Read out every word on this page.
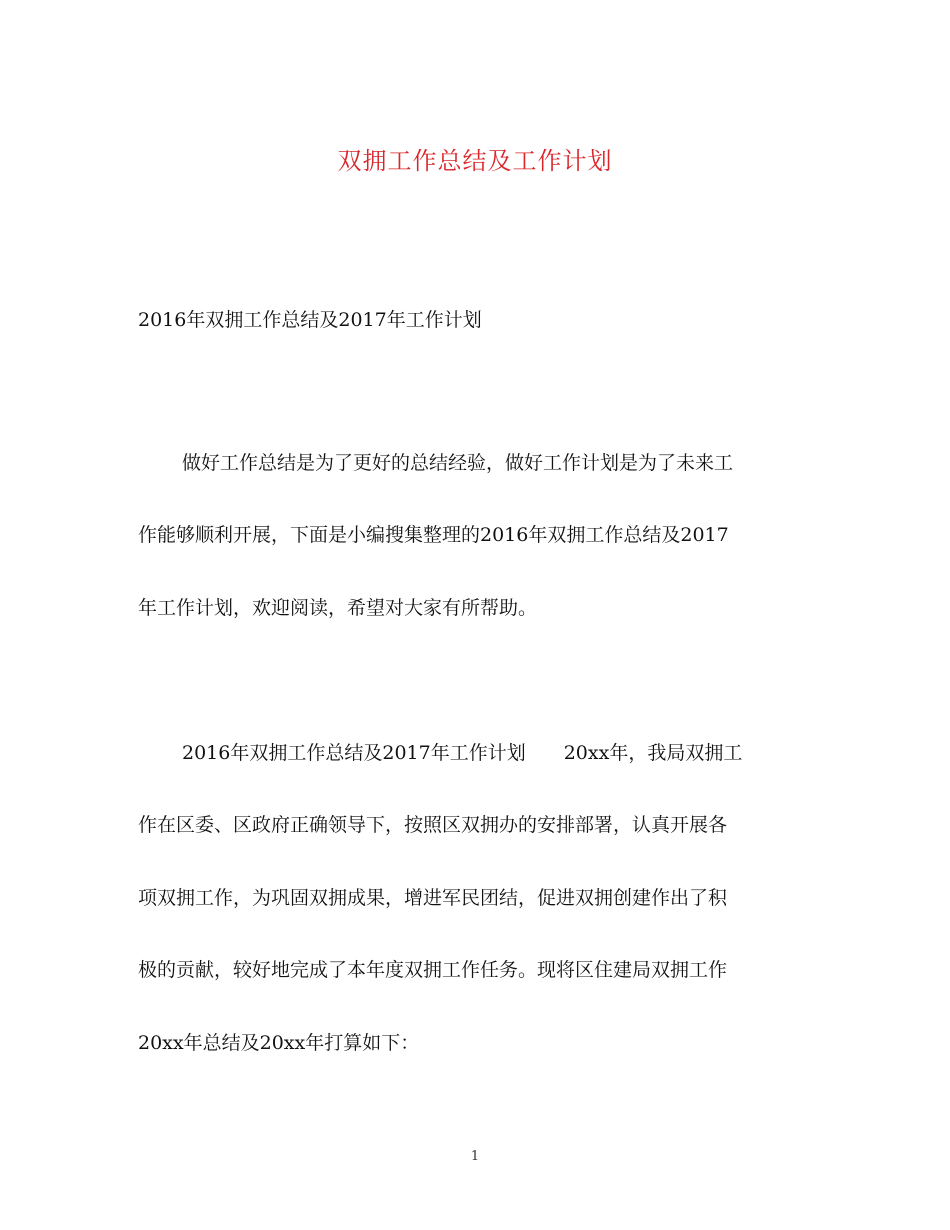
双拥工作总结及工作计划
2016年双拥工作总结及2017年工作计划
做好工作总结是为了更好的总结经验，做好工作计划是为了未来工
作能够顺利开展，下面是小编搜集整理的2016年双拥工作总结及2017
年工作计划，欢迎阅读，希望对大家有所帮助。
2016年双拥工作总结及2017年工作计划　　20xx年，我局双拥工
作在区委、区政府正确领导下，按照区双拥办的安排部署，认真开展各
项双拥工作，为巩固双拥成果，增进军民团结，促进双拥创建作出了积
极的贡献，较好地完成了本年度双拥工作任务。现将区住建局双拥工作
20xx年总结及20xx年打算如下：
1
